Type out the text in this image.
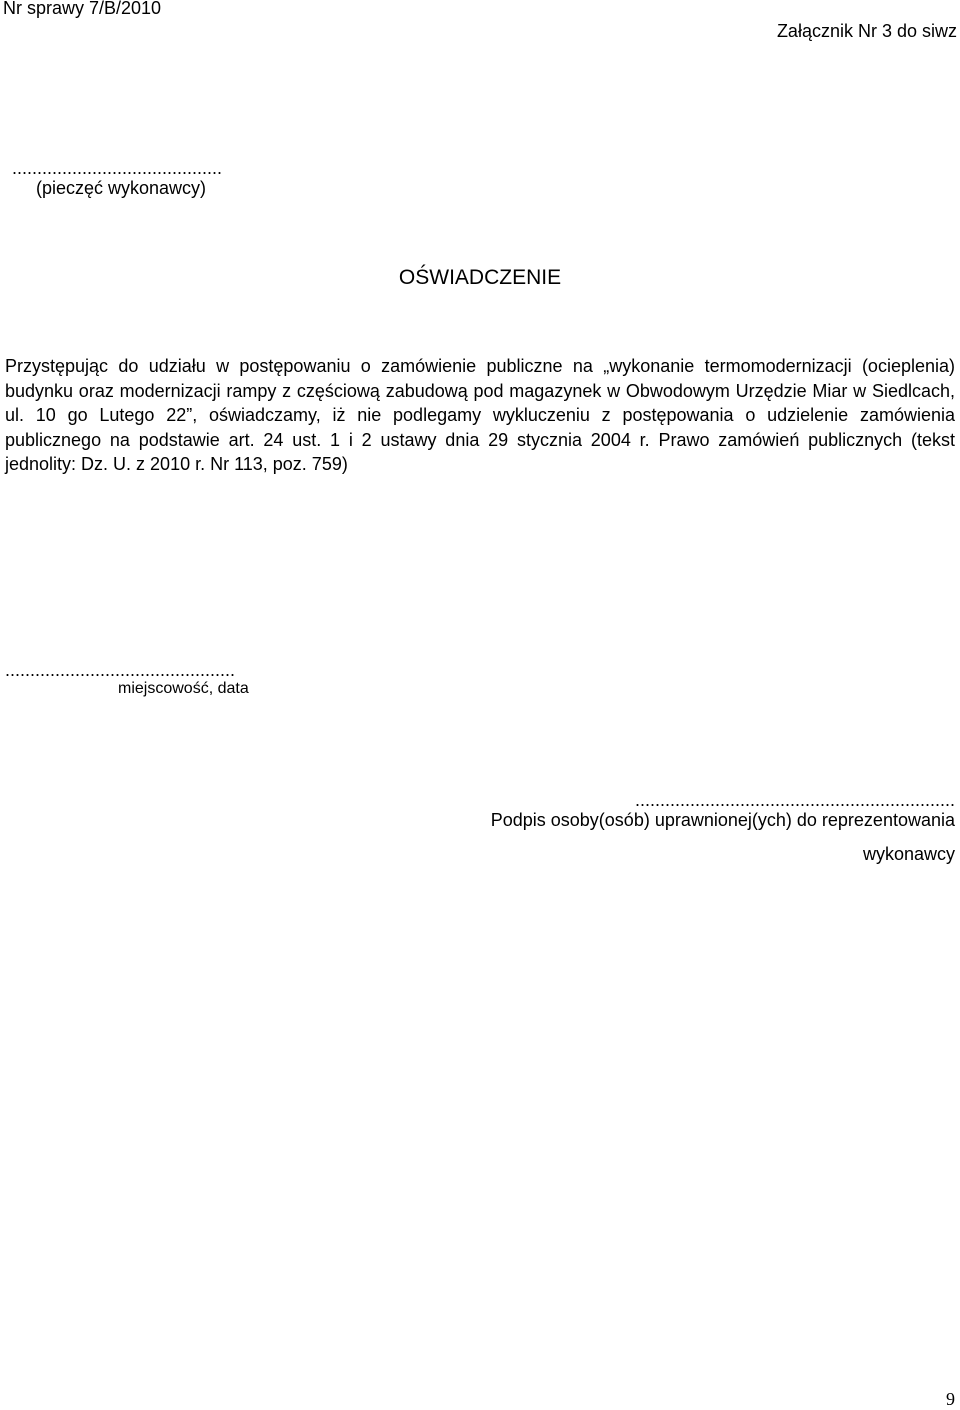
Nr sprawy 7/B/2010
Załącznik Nr 3 do siwz
..........................................
(pieczęć wykonawcy)
OŚWIADCZENIE

Przystępując do udziału w postępowaniu o zamówienie publiczne na „wykonanie termomodernizacji (ocieplenia) budynku oraz modernizacji rampy z częściową zabudową pod magazynek w Obwodowym Urzędzie Miar w Siedlcach, ul. 10 go Lutego 22”, oświadczamy, iż nie podlegamy wykluczeniu z postępowania o udzielenie zamówienia publicznego na podstawie art. 24 ust. 1 i 2 ustawy dnia 29 stycznia 2004 r. Prawo zamówień publicznych (tekst jednolity: Dz. U. z 2010 r. Nr 113, poz. 759)

..............................................
miejscowość, data
................................................................
Podpis osoby(osób) uprawnionej(ych) do reprezentowania
wykonawcy
9
